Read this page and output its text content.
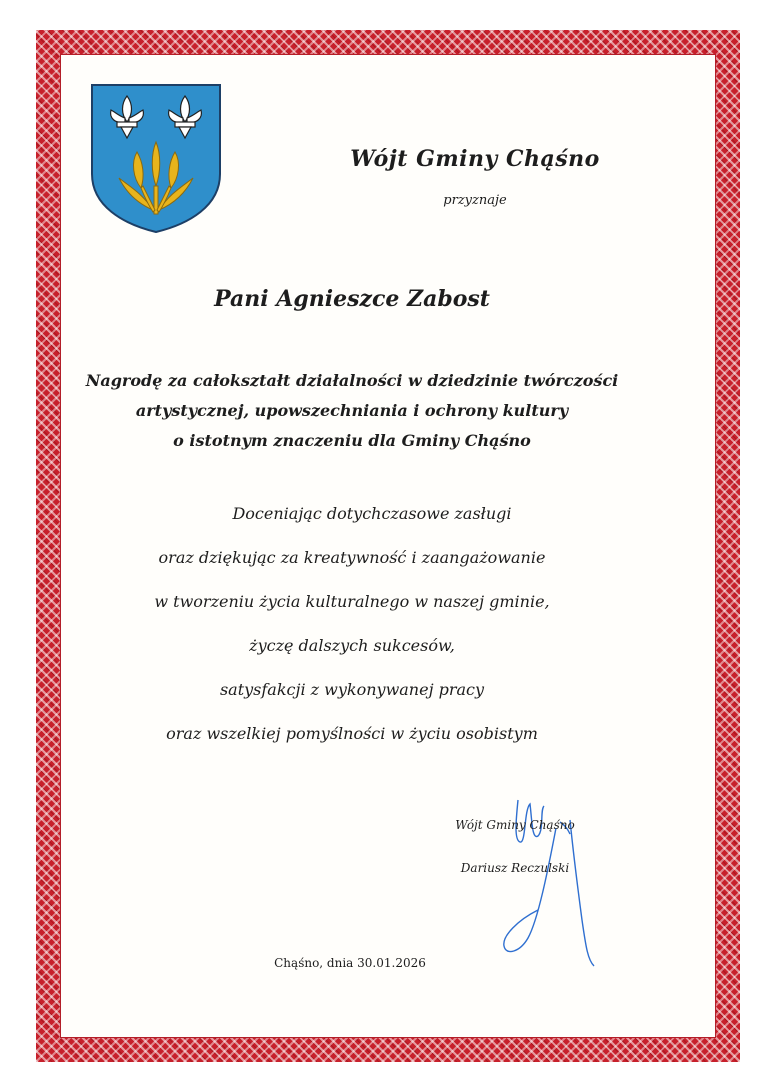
Wójt Gminy Chąśno
przyznaje
Pani Agnieszce Zabost
Nagrodę za całokształt działalności w dziedzinie twórczości
artystycznej, upowszechniania i ochrony kultury
o istotnym znaczeniu dla Gminy Chąśno
Doceniając dotychczasowe zasługi
oraz dziękując za kreatywność i zaangażowanie
w tworzeniu życia kulturalnego w naszej gminie,
życzę dalszych sukcesów,
satysfakcji z wykonywanej pracy
oraz wszelkiej pomyślności w życiu osobistym
Wójt Gminy Chąśno
Dariusz Reczulski
Chąśno, dnia 30.01.2026
